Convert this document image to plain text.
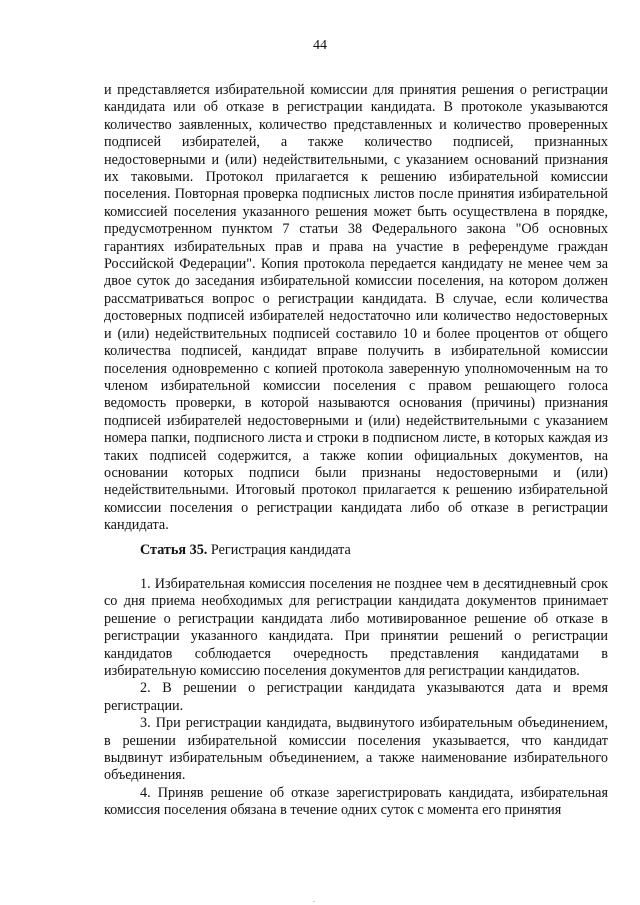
44

и представляется избирательной комиссии для принятия решения о регистрации кандидата или об отказе в регистрации кандидата. В протоколе указываются количество заявленных, количество представленных и количество проверенных подписей избирателей, а также количество подписей, признанных недостоверными и (или) недействительными, с указанием оснований признания их таковыми. Протокол прилагается к решению избирательной комиссии поселения. Повторная проверка подписных листов после принятия избирательной комиссией поселения указанного решения может быть осуществлена в порядке, предусмотренном пунктом 7 статьи 38 Федерального закона "Об основных гарантиях избирательных прав и права на участие в референдуме граждан Российской Федерации". Копия протокола передается кандидату не менее чем за двое суток до заседания избирательной комиссии поселения, на котором должен рассматриваться вопрос о регистрации кандидата. В случае, если количества достоверных подписей избирателей недостаточно или количество недостоверных и (или) недействительных подписей составило 10 и более процентов от общего количества подписей, кандидат вправе получить в избирательной комиссии поселения одновременно с копией протокола заверенную уполномоченным на то членом избирательной комиссии поселения с правом решающего голоса ведомость проверки, в которой называются основания (причины) признания подписей избирателей недостоверными и (или) недействительными с указанием номера папки, подписного листа и строки в подписном листе, в которых каждая из таких подписей содержится, а также копии официальных документов, на основании которых подписи были признаны недостоверными и (или) недействительными. Итоговый протокол прилагается к решению избирательной комиссии поселения о регистрации кандидата либо об отказе в регистрации кандидата.

Статья 35. Регистрация кандидата

1. Избирательная комиссия поселения не позднее чем в десятидневный срок со дня приема необходимых для регистрации кандидата документов принимает решение о регистрации кандидата либо мотивированное решение об отказе в регистрации указанного кандидата. При принятии решений о регистрации кандидатов соблюдается очередность представления кандидатами в избирательную комиссию поселения документов для регистрации кандидатов.

2. В решении о регистрации кандидата указываются дата и время регистрации.

3. При регистрации кандидата, выдвинутого избирательным объединением, в решении избирательной комиссии поселения указывается, что кандидат выдвинут избирательным объединением, а также наименование избирательного объединения.

4. Приняв решение об отказе зарегистрировать кандидата, избирательная комиссия поселения обязана в течение одних суток с момента его принятия

.
